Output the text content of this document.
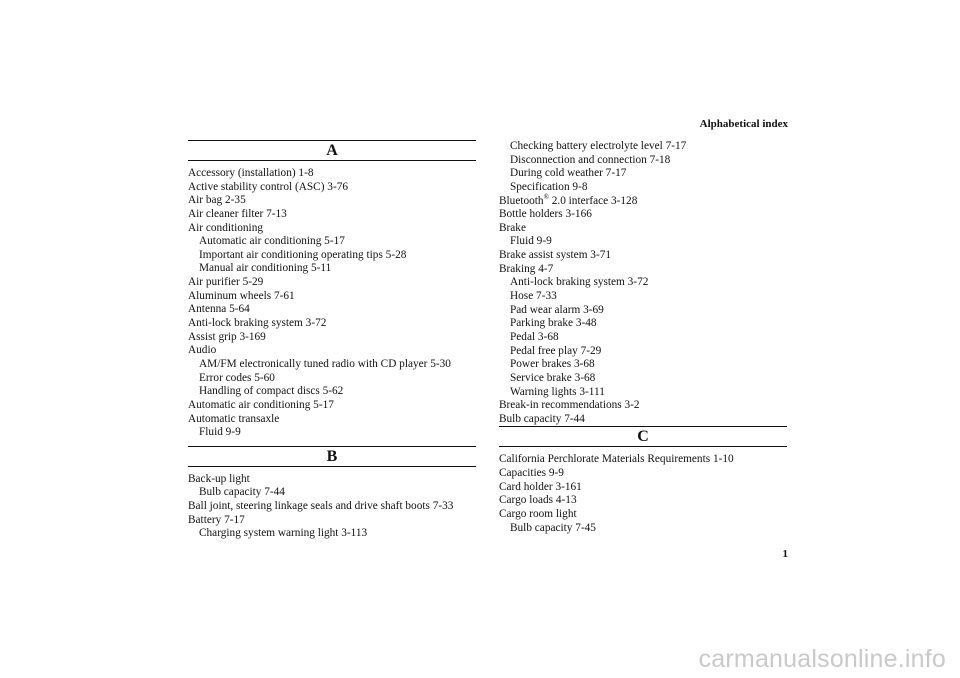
Alphabetical index
A
Accessory (installation) 1-8
Active stability control (ASC) 3-76
Air bag 2-35
Air cleaner filter 7-13
Air conditioning
Automatic air conditioning 5-17
Important air conditioning operating tips 5-28
Manual air conditioning 5-11
Air purifier 5-29
Aluminum wheels 7-61
Antenna 5-64
Anti-lock braking system 3-72
Assist grip 3-169
Audio
AM/FM electronically tuned radio with CD player 5-30
Error codes 5-60
Handling of compact discs 5-62
Automatic air conditioning 5-17
Automatic transaxle
Fluid 9-9
B
Back-up light
Bulb capacity 7-44
Ball joint, steering linkage seals and drive shaft boots 7-33
Battery 7-17
Charging system warning light 3-113
Checking battery electrolyte level 7-17
Disconnection and connection 7-18
During cold weather 7-17
Specification 9-8
Bluetooth® 2.0 interface 3-128
Bottle holders 3-166
Brake
Fluid 9-9
Brake assist system 3-71
Braking 4-7
Anti-lock braking system 3-72
Hose 7-33
Pad wear alarm 3-69
Parking brake 3-48
Pedal 3-68
Pedal free play 7-29
Power brakes 3-68
Service brake 3-68
Warning lights 3-111
Break-in recommendations 3-2
Bulb capacity 7-44
C
California Perchlorate Materials Requirements 1-10
Capacities 9-9
Card holder 3-161
Cargo loads 4-13
Cargo room light
Bulb capacity 7-45
1
carmanualsonline.info
